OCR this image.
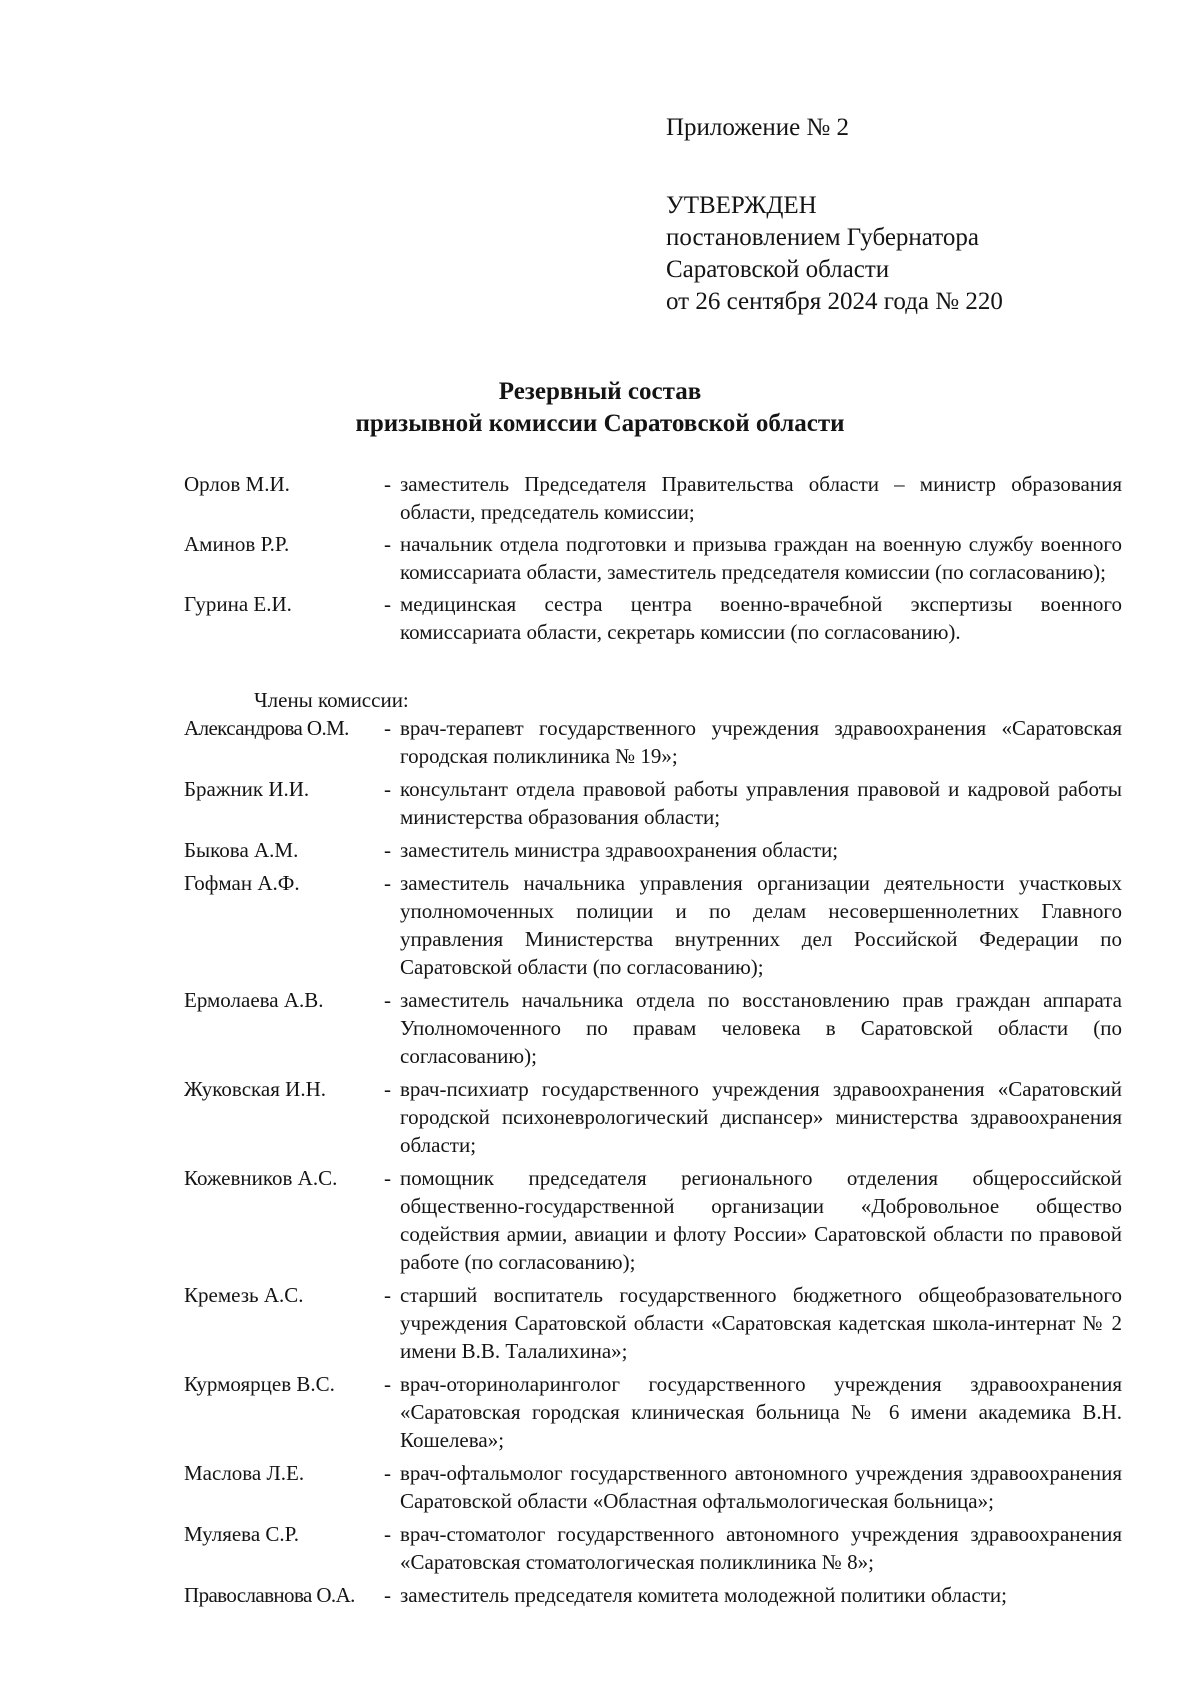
Приложение № 2
УТВЕРЖДЕН
постановлением Губернатора
Саратовской области
от 26 сентября 2024 года № 220
Резервный состав
призывной комиссии Саратовской области
Орлов М.И.	- заместитель Председателя Правительства области – министр образования области, председатель комиссии;
Аминов Р.Р.	- начальник отдела подготовки и призыва граждан на военную службу военного комиссариата области, заместитель председателя комиссии (по согласованию);
Гурина Е.И.	- медицинская сестра центра военно-врачебной экспертизы военного комиссариата области, секретарь комиссии (по согласованию).
Члены комиссии:
Александрова О.М.	- врач-терапевт государственного учреждения здравоохранения «Саратовская городская поликлиника № 19»;
Бражник И.И.	- консультант отдела правовой работы управления правовой и кадровой работы министерства образования области;
Быкова А.М.	- заместитель министра здравоохранения области;
Гофман А.Ф.	- заместитель начальника управления организации деятельности участковых уполномоченных полиции и по делам несовершеннолетних Главного управления Министерства внутренних дел Российской Федерации по Саратовской области (по согласованию);
Ермолаева А.В.	- заместитель начальника отдела по восстановлению прав граждан аппарата Уполномоченного по правам человека в Саратовской области (по согласованию);
Жуковская И.Н.	- врач-психиатр государственного учреждения здравоохранения «Саратовский городской психоневрологический диспансер» министерства здравоохранения области;
Кожевников А.С.	- помощник председателя регионального отделения общероссийской общественно-государственной организации «Добровольное общество содействия армии, авиации и флоту России» Саратовской области по правовой работе (по согласованию);
Кремезь А.С.	- старший воспитатель государственного бюджетного общеобразовательного учреждения Саратовской области «Саратовская кадетская школа-интернат № 2 имени В.В. Талалихина»;
Курмоярцев В.С.	- врач-оториноларинголог государственного учреждения здравоохранения «Саратовская городская клиническая больница № 6 имени академика В.Н. Кошелева»;
Маслова Л.Е.	- врач-офтальмолог государственного автономного учреждения здравоохранения Саратовской области «Областная офтальмологическая больница»;
Муляева С.Р.	- врач-стоматолог государственного автономного учреждения здравоохранения «Саратовская стоматологическая поликлиника № 8»;
Православнова О.А.	- заместитель председателя комитета молодежной политики области;
